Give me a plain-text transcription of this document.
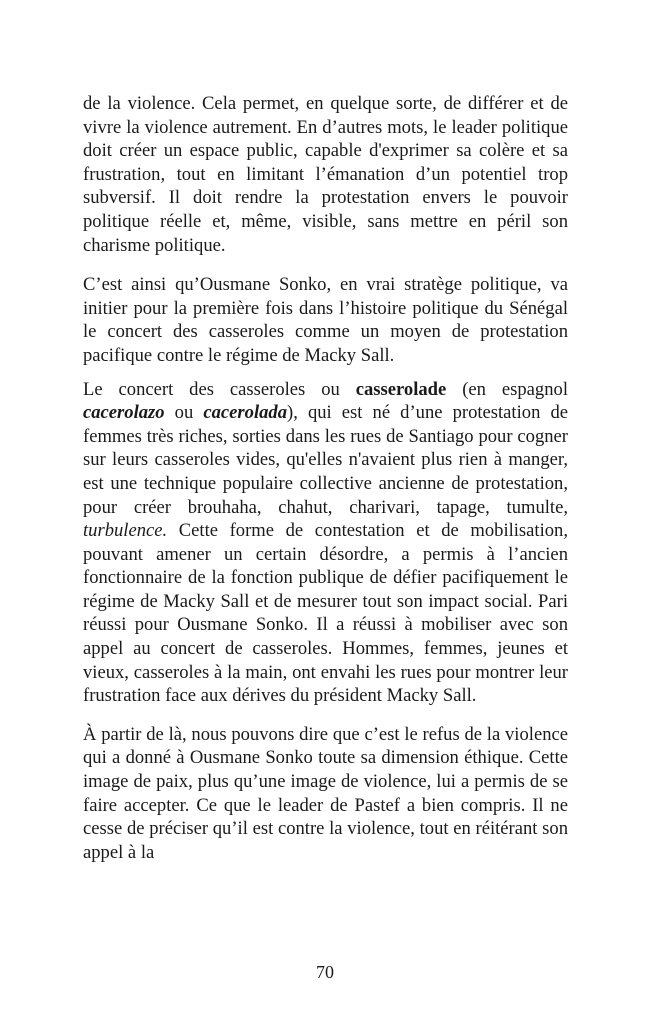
de la violence. Cela permet, en quelque sorte, de différer et de vivre la violence autrement. En d’autres mots, le leader politique doit créer un espace public, capable d'exprimer sa colère et sa frustration, tout en limitant l’émanation d’un potentiel trop subversif. Il doit rendre la protestation envers le pouvoir politique réelle et, même, visible, sans mettre en péril son charisme politique.

C’est ainsi qu’Ousmane Sonko, en vrai stratège politique, va initier pour la première fois dans l’histoire politique du Sénégal le concert des casseroles comme un moyen de protestation pacifique contre le régime de Macky Sall.

Le concert des casseroles ou casserolade (en espagnol cacerolazo ou cacerolada), qui est né d’une protestation de femmes très riches, sorties dans les rues de Santiago pour cogner sur leurs casseroles vides, qu'elles n'avaient plus rien à manger, est une technique populaire collective ancienne de protestation, pour créer brouhaha, chahut, charivari, tapage, tumulte, turbulence. Cette forme de contestation et de mobilisation, pouvant amener un certain désordre, a permis à l’ancien fonctionnaire de la fonction publique de défier pacifiquement le régime de Macky Sall et de mesurer tout son impact social. Pari réussi pour Ousmane Sonko. Il a réussi à mobiliser avec son appel au concert de casseroles. Hommes, femmes, jeunes et vieux, casseroles à la main, ont envahi les rues pour montrer leur frustration face aux dérives du président Macky Sall.

À partir de là, nous pouvons dire que c’est le refus de la violence qui a donné à Ousmane Sonko toute sa dimension éthique. Cette image de paix, plus qu’une image de violence, lui a permis de se faire accepter. Ce que le leader de Pastef a bien compris. Il ne cesse de préciser qu’il est contre la violence, tout en réitérant son appel à la

70
